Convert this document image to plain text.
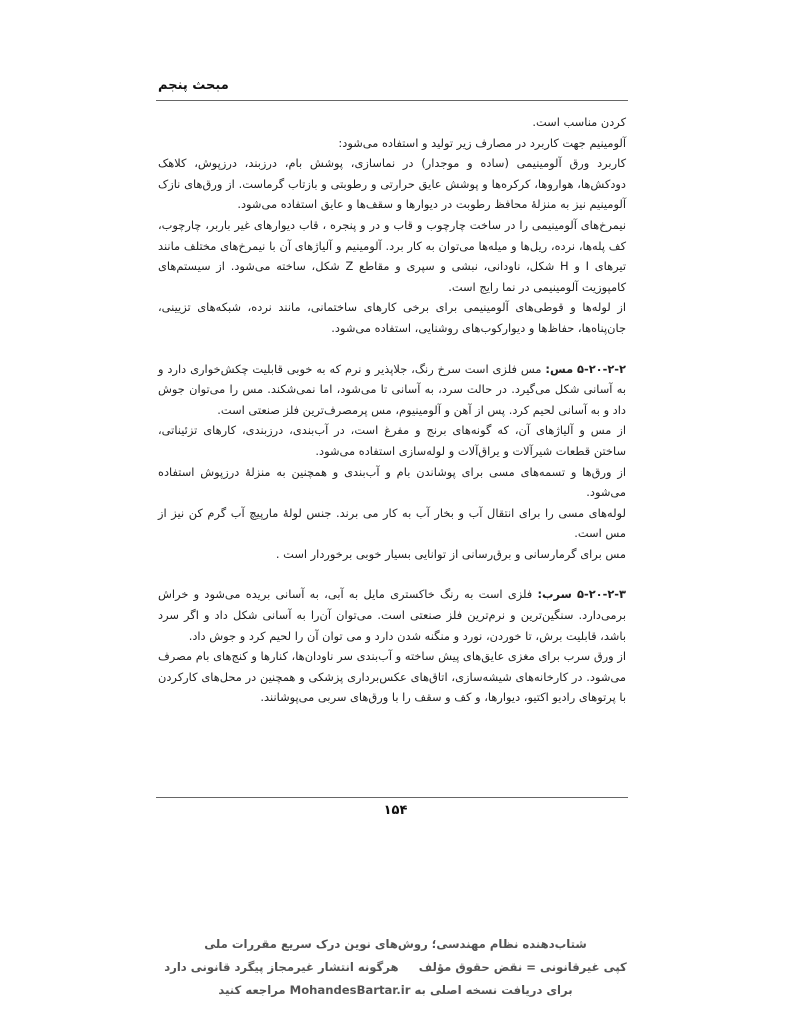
مبحث پنجم

کردن مناسب است.

آلومینیم جهت کاربرد در مصارف زیر تولید و استفاده می‌شود:

کاربرد ورق آلومینیمی (ساده و موجدار) در نماسازی، پوشش بام، درزبند، درزپوش، کلاهک دودکش‌ها، هواروها، کرکره‌ها و پوشش عایق حرارتی و رطوبتی و بازتاب گرماست. از ورق‌های نازک آلومینیم نیز به منزلهٔ محافظ رطوبت در دیوارها و سقف‌ها و عایق استفاده می‌شود.

نیمرخ‌های آلومینیمی را در ساخت چارچوب و قاب و در و پنجره ، قاب دیوارهای غیر باربر، چارچوب، کف پله‌ها، نرده، ریل‌ها و میله‌ها می‌توان به کار برد. آلومینیم و آلیاژهای آن با نیمرخ‌های مختلف مانند تیرهای I و H شکل، ناودانی، نبشی و سپری و مقاطع Z شکل، ساخته می‌شود. از سیستم‌های کامپوزیت آلومینیمی در نما رایج است.

از لوله‌ها و قوطی‌های آلومینیمی برای برخی کارهای ساختمانی، مانند نرده، شبکه‌های تزیینی، جان‌پناه‌ها، حفاظ‌ها و دیوارکوب‌های روشنایی، استفاده می‌شود.

۵-۲۰-۲-۲ مس: مس فلزی است سرخ رنگ، جلاپذیر و نرم که به خوبی قابلیت چکش‌خواری دارد و به آسانی شکل می‌گیرد. در حالت سرد، به آسانی تا می‌شود، اما نمی‌شکند. مس را می‌توان جوش داد و به آسانی لحیم کرد. پس از آهن و آلومینیوم، مس پرمصرف‌ترین فلز صنعتی است.

از مس و آلیاژهای آن، که گونه‌های برنج و مفرغ است، در آب‌بندی، درزبندی، کارهای تزئیناتی، ساختن قطعات شیرآلات و یراق‌آلات و لوله‌سازی استفاده می‌شود.

از ورق‌ها و تسمه‌های مسی برای پوشاندن بام و آب‌بندی و همچنین به منزلهٔ درزپوش استفاده می‌شود.

لوله‌های مسی را برای انتقال آب و بخار آب به کار می برند. جنس لولهٔ مارپیچ آب گرم کن نیز از مس است.

مس برای گرمارسانی و برق‌رسانی از توانایی بسیار خوبی برخوردار است .

۵-۲۰-۲-۳ سرب: فلزی است به رنگ خاکستری مایل به آبی، به آسانی بریده می‌شود و خراش برمی‌دارد. سنگین‌ترین و نرم‌ترین فلز صنعتی است. می‌توان آن‌را به آسانی شکل داد و اگر سرد باشد، قابلیت برش، تا خوردن، نورد و منگنه شدن دارد و می توان آن را لحیم کرد و جوش داد.

از ورق سرب برای مغزی عایق‌های پیش ساخته و آب‌بندی سر ناودان‌ها، کنارها و کنج‌های بام مصرف می‌شود. در کارخانه‌های شیشه‌سازی، اتاق‌های عکس‌برداری پزشکی و همچنین در محل‌های کارکردن با پرتوهای رادیو اکتیو، دیوارها، و کف و سقف را با ورق‌های سربی می‌پوشانند.

۱۵۴
شتاب‌دهنده نظام مهندسی؛ روش‌های نوین درک سریع مقررات ملی
کپی غیرقانونی = نقض حقوق مؤلف     هرگونه انتشار غیرمجاز پیگرد قانونی دارد
برای دریافت نسخه اصلی به MohandesBartar.ir مراجعه کنید
